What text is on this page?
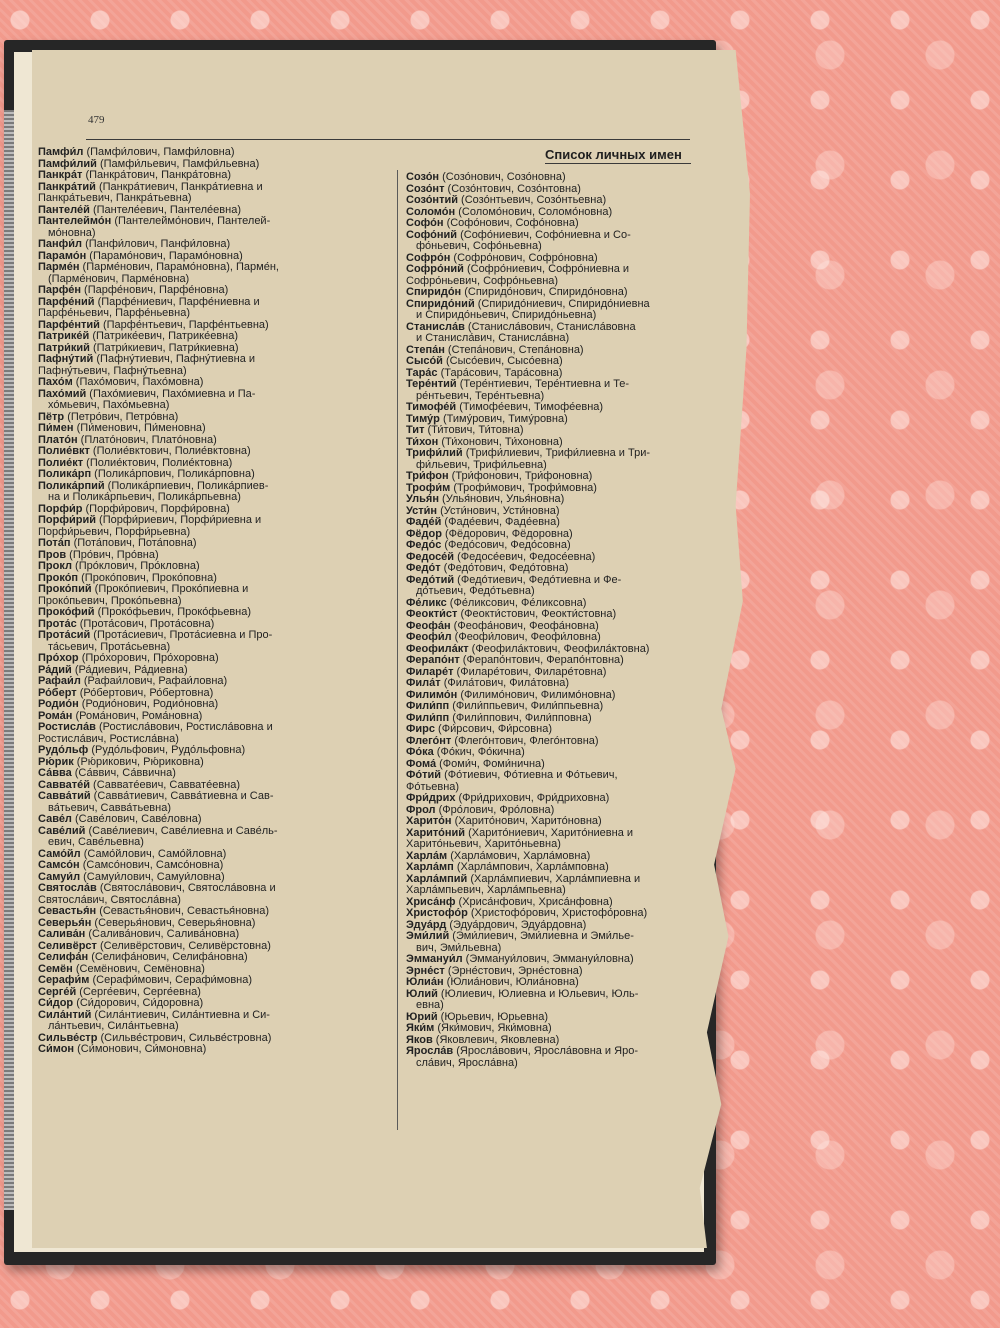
479
Список личных имен
Памфи́л (Памфи́лович, Памфи́ловна)
Памфи́лий (Памфи́льевич, Памфи́льевна)
Панкра́т (Панкра́тович, Панкра́товна)
Панкра́тий (Панкра́тиевич, Панкра́тиевна и
Панкра́тьевич, Панкра́тьевна)
Пантеле́й (Пантеле́евич, Пантеле́евна)
Пантелеймо́н (Пантелеймо́нович, Пантелей-
мо́новна)
Панфи́л (Панфи́лович, Панфи́ловна)
Парамо́н (Парамо́нович, Парамо́новна)
Парме́н (Парме́нович, Парамо́новна), Парме́н,
(Парме́нович, Парме́новна)
Парфе́н (Парфе́нович, Парфе́новна)
Парфе́ний (Парфе́ниевич, Парфе́ниевна и
Парфе́ньевич, Парфе́ньевна)
Парфе́нтий (Парфе́нтьевич, Парфе́нтьевна)
Патрике́й (Патрике́евич, Патрике́евна)
Патри́кий (Патри́киевич, Патри́киевна)
Пафну́тий (Пафну́тиевич, Пафну́тиевна и
Пафну́тьевич, Пафну́тьевна)
Пахо́м (Пахо́мович, Пахо́мовна)
Пахо́мий (Пахо́миевич, Пахо́миевна и Па-
хо́мьевич, Пахо́мьевна)
Пётр (Петро́вич, Петро́вна)
Пи́мен (Пи́менович, Пи́меновна)
Плато́н (Плато́нович, Плато́новна)
Полие́вкт (Полие́вктович, Полие́вктовна)
Полие́кт (Полие́ктович, Полие́ктовна)
Полика́рп (Полика́рпович, Полика́рповна)
Полика́рпий (Полика́рпиевич, Полика́рпиев-
на и Полика́рпьевич, Полика́рпьевна)
Порфи́р (Порфи́рович, Порфи́ровна)
Порфи́рий (Порфи́риевич, Порфи́риевна и
Порфи́рьевич, Порфи́рьевна)
Пота́п (Пота́пович, Пота́повна)
Пров (Про́вич, Про́вна)
Прокл (Про́клович, Про́кловна)
Проко́п (Проко́пович, Проко́повна)
Проко́пий (Проко́пиевич, Проко́пиевна и
Проко́пьевич, Проко́пьевна)
Проко́фий (Проко́фьевич, Проко́фьевна)
Прота́с (Прота́сович, Прота́совна)
Прота́сий (Прота́сиевич, Прота́сиевна и Про-
та́сьевич, Прота́сьевна)
Про́хор (Про́хорович, Про́хоровна)
Ра́дий (Ра́диевич, Ра́диевна)
Рафаи́л (Рафаи́лович, Рафаи́ловна)
Ро́берт (Ро́бертович, Ро́бертовна)
Родио́н (Родио́нович, Родио́новна)
Рома́н (Рома́нович, Рома́новна)
Ростисла́в (Ростисла́вович, Ростисла́вовна и
Ростисла́вич, Ростисла́вна)
Рудо́льф (Рудо́льфович, Рудо́льфовна)
Рю́рик (Рю́рикович, Рю́риковна)
Са́вва (Са́ввич, Са́ввична)
Савватéй (Савватéевич, Савватéевна)
Савва́тий (Савва́тиевич, Савва́тиевна и Сав-
ва́тьевич, Савва́тьевна)
Саве́л (Саве́лович, Саве́ловна)
Саве́лий (Саве́лиевич, Саве́лиевна и Саве́ль-
евич, Саве́льевна)
Само́йл (Само́йлович, Само́йловна)
Самсо́н (Самсо́нович, Самсо́новна)
Самуи́л (Самуи́лович, Самуи́ловна)
Святосла́в (Святосла́вович, Святосла́вовна и
Святосла́вич, Святосла́вна)
Севастья́н (Севастья́нович, Севастья́новна)
Северья́н (Северья́нович, Северья́новна)
Салива́н (Салива́нович, Салива́новна)
Селивёрст (Селивёрстович, Селивёрстовна)
Селифа́н (Селифа́нович, Селифа́новна)
Семён (Семёнович, Семёновна)
Серафи́м (Серафи́мович, Серафи́мовна)
Серге́й (Серге́евич, Серге́евна)
Си́дор (Си́дорович, Си́доровна)
Сила́нтий (Сила́нтиевич, Сила́нтиевна и Си-
ла́нтьевич, Сила́нтьевна)
Сильве́стр (Сильве́стрович, Сильве́стровна)
Си́мон (Си́монович, Си́моновна)
Созо́н (Созо́нович, Созо́новна)
Созо́нт (Созо́нтович, Созо́нтовна)
Созо́нтий (Созо́нтьевич, Созо́нтьевна)
Соломо́н (Соломо́нович, Соломо́новна)
Софо́н (Софо́нович, Софо́новна)
Софо́ний (Софо́ниевич, Софо́ниевна и Со-
фо́ньевич, Софо́ньевна)
Софро́н (Софро́нович, Софро́новна)
Софро́ний (Софро́ниевич, Софро́ниевна и
Софро́ньевич, Софро́ньевна)
Спиридо́н (Спиридо́нович, Спиридо́новна)
Спиридо́ний (Спиридо́ниевич, Спиридо́ниевна
и Спиридо́ньевич, Спиридо́ньевна)
Станисла́в (Станисла́вович, Станисла́вовна
и Станисла́вич, Станисла́вна)
Степа́н (Степа́нович, Степа́новна)
Сысо́й (Сысо́евич, Сысо́евна)
Тара́с (Тара́сович, Тара́совна)
Тере́нтий (Тере́нтиевич, Тере́нтиевна и Те-
ре́нтьевич, Тере́нтьевна)
Тимофе́й (Тимофе́евич, Тимофе́евна)
Тиму́р (Тиму́рович, Тиму́ровна)
Тит (Ти́тович, Ти́товна)
Ти́хон (Ти́хонович, Ти́хоновна)
Трифи́лий (Трифи́лиевич, Трифи́лиевна и Три-
фи́льевич, Трифи́льевна)
Три́фон (Три́фонович, Три́фоновна)
Трофи́м (Трофи́мович, Трофи́мовна)
Улья́н (Улья́нович, Улья́новна)
Усти́н (Усти́нович, Усти́новна)
Фаде́й (Фаде́евич, Фаде́евна)
Фёдор (Фёдорович, Фёдоровна)
Федо́с (Федо́сович, Федо́совна)
Федосе́й (Федосе́евич, Федосе́евна)
Федо́т (Федо́тович, Федо́товна)
Федо́тий (Федо́тиевич, Федо́тиевна и Фе-
до́тьевич, Федо́тьевна)
Фе́ликс (Фе́ликсович, Фе́ликсовна)
Феокти́ст (Феокти́стович, Феокти́стовна)
Феофа́н (Феофа́нович, Феофа́новна)
Феофи́л (Феофи́лович, Феофи́ловна)
Феофила́кт (Феофила́ктович, Феофила́ктовна)
Ферапо́нт (Ферапо́нтович, Ферапо́нтовна)
Филаре́т (Филаре́тович, Филаре́товна)
Фила́т (Фила́тович, Фила́товна)
Филимо́н (Филимо́нович, Филимо́новна)
Фили́пп (Фили́ппьевич, Фили́ппьевна)
Фили́пп (Фили́ппович, Фили́пповна)
Фирс (Фи́рсович, Фи́рсовна)
Флего́нт (Флего́нтович, Флего́нтовна)
Фо́ка (Фо́кич, Фо́кична)
Фома́ (Фоми́ч, Фоми́нична)
Фо́тий (Фо́тиевич, Фо́тиевна и Фо́тьевич,
Фо́тьевна)
Фри́дрих (Фри́дрихович, Фри́дриховна)
Фрол (Фро́лович, Фро́ловна)
Харито́н (Харито́нович, Харито́новна)
Харито́ний (Харито́ниевич, Харито́ниевна и
Харито́ньевич, Харито́ньевна)
Харла́м (Харла́мович, Харла́мовна)
Харла́мп (Харла́мпович, Харла́мповна)
Харла́мпий (Харла́мпиевич, Харла́мпиевна и
Харла́мпьевич, Харла́мпьевна)
Хриса́нф (Хриса́нфович, Хриса́нфовна)
Христофо́р (Христофо́рович, Христофо́ровна)
Эдуа́рд (Эдуа́рдович, Эдуа́рдовна)
Эми́лий (Эми́лиевич, Эми́лиевна и Эми́лье-
вич, Эми́льевна)
Эммануи́л (Эммануи́лович, Эммануи́ловна)
Эрне́ст (Эрне́стович, Эрне́стовна)
Юлиа́н (Юлиа́нович, Юлиа́новна)
Ю́лий (Ю́лиевич, Ю́лиевна и Ю́льевич, Ю́ль-
евна)
Ю́рий (Ю́рьевич, Ю́рьевна)
Яки́м (Яки́мович, Яки́мовна)
Я́ков (Я́ковлевич, Я́ковлевна)
Яросла́в (Яросла́вович, Яросла́вовна и Яро-
сла́вич, Яросла́вна)
